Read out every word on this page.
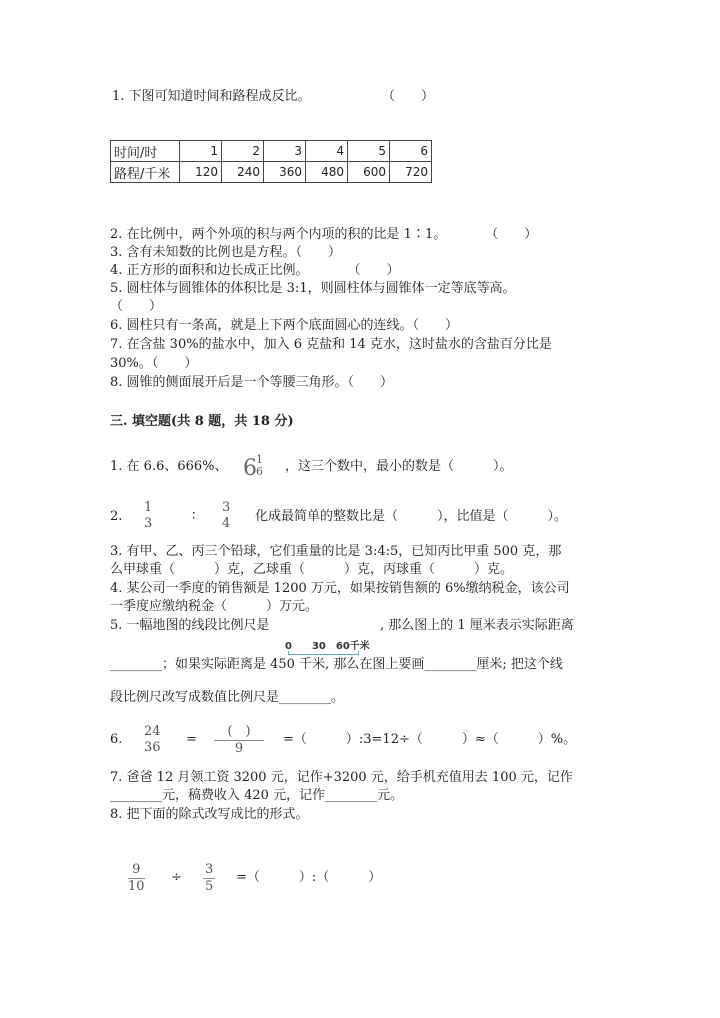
1. 下图可知道时间和路程成反比。	（　　）
时间/时	1	2	3	4	5	6
路程/千米	120	240	360	480	600	720
2. 在比例中，两个外项的积与两个内项的积的比是 1∶1。　　　　（　　）
3. 含有未知数的比例也是方程。（　　）
4. 正方形的面积和边长成正比例。　　　　（　　）
5. 圆柱体与圆锥体的体积比是 3:1，则圆柱体与圆锥体一定等底等高。
（　　）
6. 圆柱只有一条高，就是上下两个底面圆心的连线。（　　）
7. 在含盐 30%的盐水中，加入 6 克盐和 14 克水，这时盐水的含盐百分比是
30%。（　　）
8. 圆锥的侧面展开后是一个等腰三角形。（　　）
三. 填空题(共 8 题，共 18 分)
1. 在 6.6、666%、 6 1
6 ，这三个数中，最小的数是（　　　）。
2.
1
3	∶
3
4 化成最简单的整数比是（　　　），比值是（　　　）。
3. 有甲、乙、丙三个铅球，它们重量的比是 3:4:5，已知丙比甲重 500 克，那
么甲球重（　　　）克，乙球重（　　　）克，丙球重（　　　）克。
4. 某公司一季度的销售额是 1200 万元，如果按销售额的 6%缴纳税金，该公司
一季度应缴纳税金（　　　）万元。
5. 一幅地图的线段比例尺是	, 那么图上的 1 厘米表示实际距离
0　　30　60千米
________；如果实际距离是 450 千米, 那么在图上要画________厘米; 把这个线
段比例尺改写成数值比例尺是________。
6.
24
36
=
(　)
9
=（　　　）:3=12÷（　　　）≈（　　　）%。
7. 爸爸 12 月领工资 3200 元，记作+3200 元，给手机充值用去 100 元，记作
________元，稿费收入 420 元，记作________元。
8. 把下面的除式改写成比的形式。
$\frac{9}{10} \div \frac{3}{5}$ =（　　　）:（　　　）
